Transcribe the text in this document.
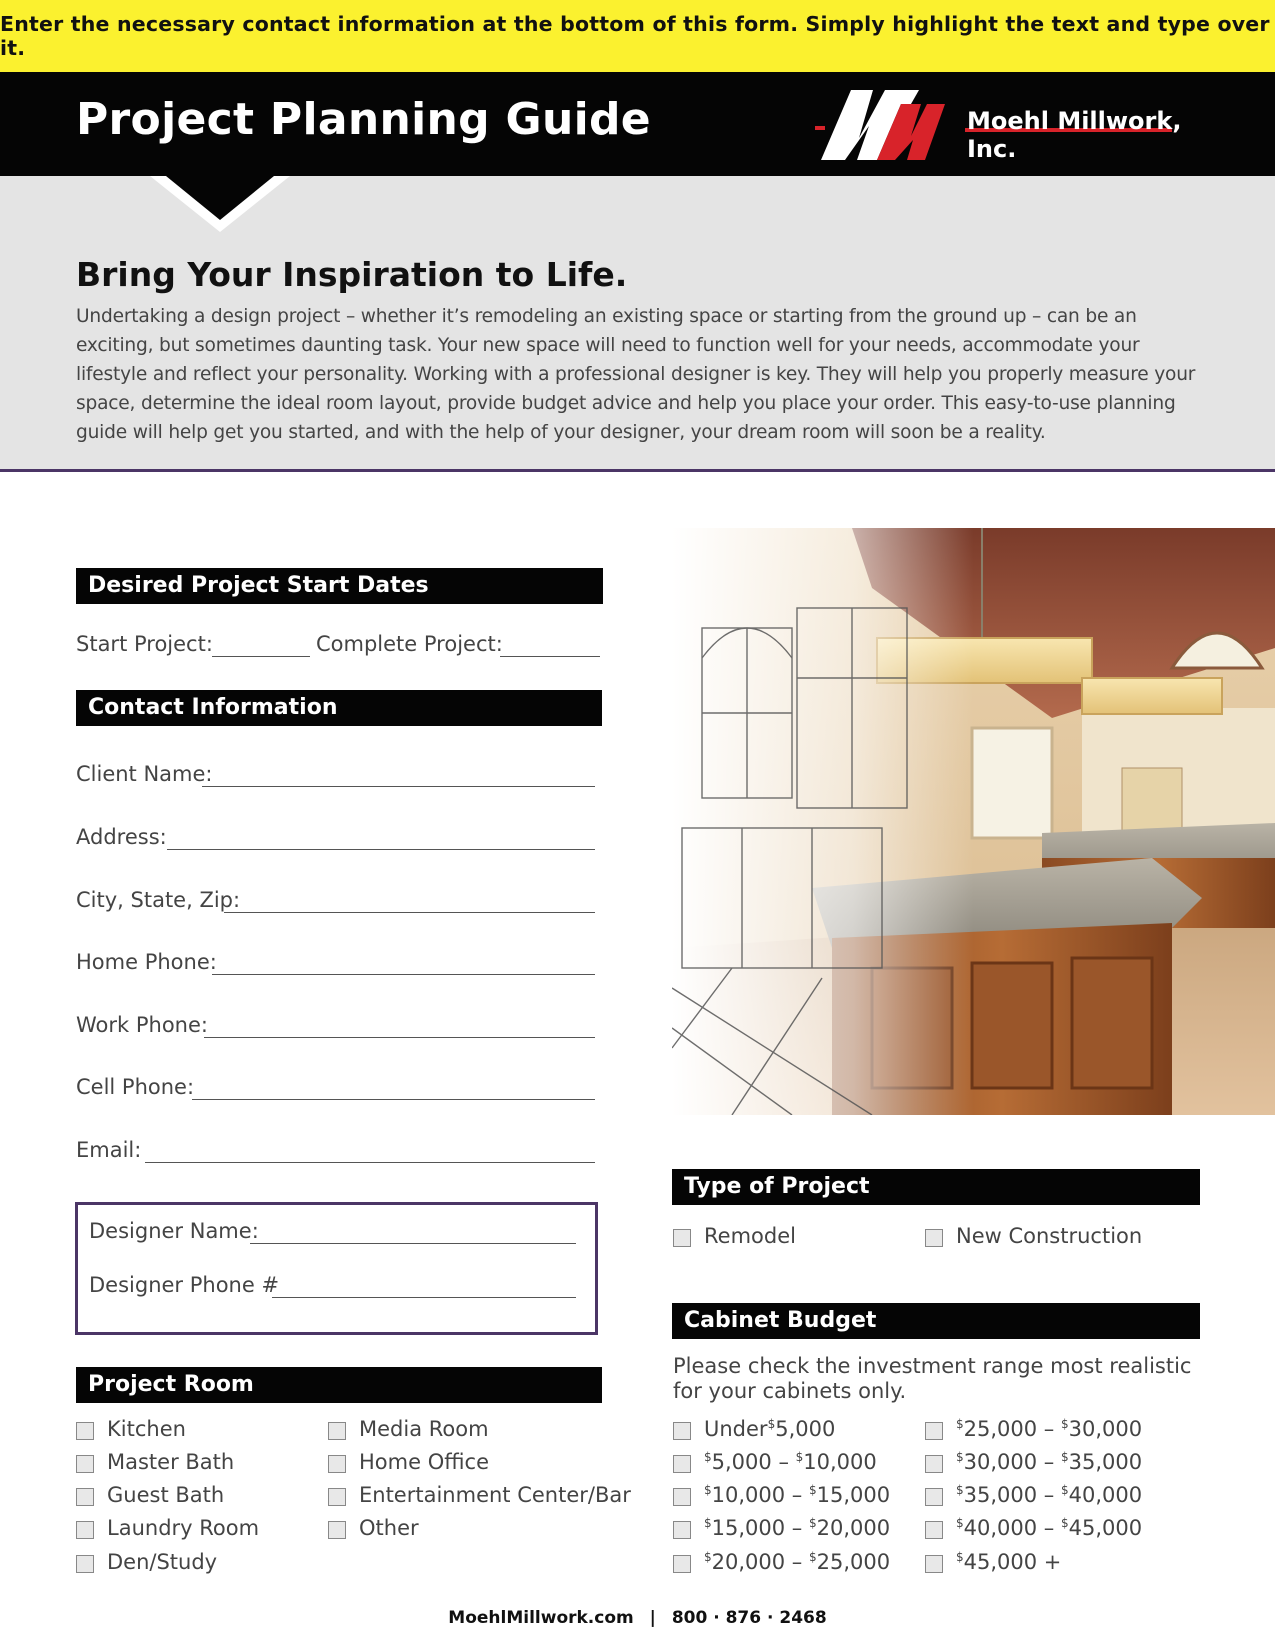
Enter the necessary contact information at the bottom of this form. Simply highlight the text and type over it.
Project Planning Guide	Moehl Millwork, Inc.
Bring Your Inspiration to Life.

Undertaking a design project – whether it’s remodeling an existing space or starting from the ground up – can be an exciting, but sometimes daunting task. Your new space will need to function well for your needs, accommodate your lifestyle and reflect your personality. Working with a professional designer is key. They will help you properly measure your space, determine the ideal room layout, provide budget advice and help you place your order. This easy-to-use planning guide will help get you started, and with the help of your designer, your dream room will soon be a reality.

Desired Project Start Dates
Start Project:	Complete Project:
Contact Information
Client Name:
Address:
City, State, Zip:
Home Phone:
Work Phone:
Cell Phone:
Email:
Designer Name:
Designer Phone #
Project Room
Kitchen
Master Bath
Guest Bath
Laundry Room
Den/Study
Media Room
Home Office
Entertainment Center/Bar
Other
Type of Project
Remodel	New Construction
Cabinet Budget
Please check the investment range most realistic
for your cabinets only.
Under$5,000
$5,000 – $10,000
$10,000 – $15,000
$15,000 – $20,000
$20,000 – $25,000
$25,000 – $30,000
$30,000 – $35,000
$35,000 – $40,000
$40,000 – $45,000
$45,000 +
MoehlMillwork.com | 800 · 876 · 2468
